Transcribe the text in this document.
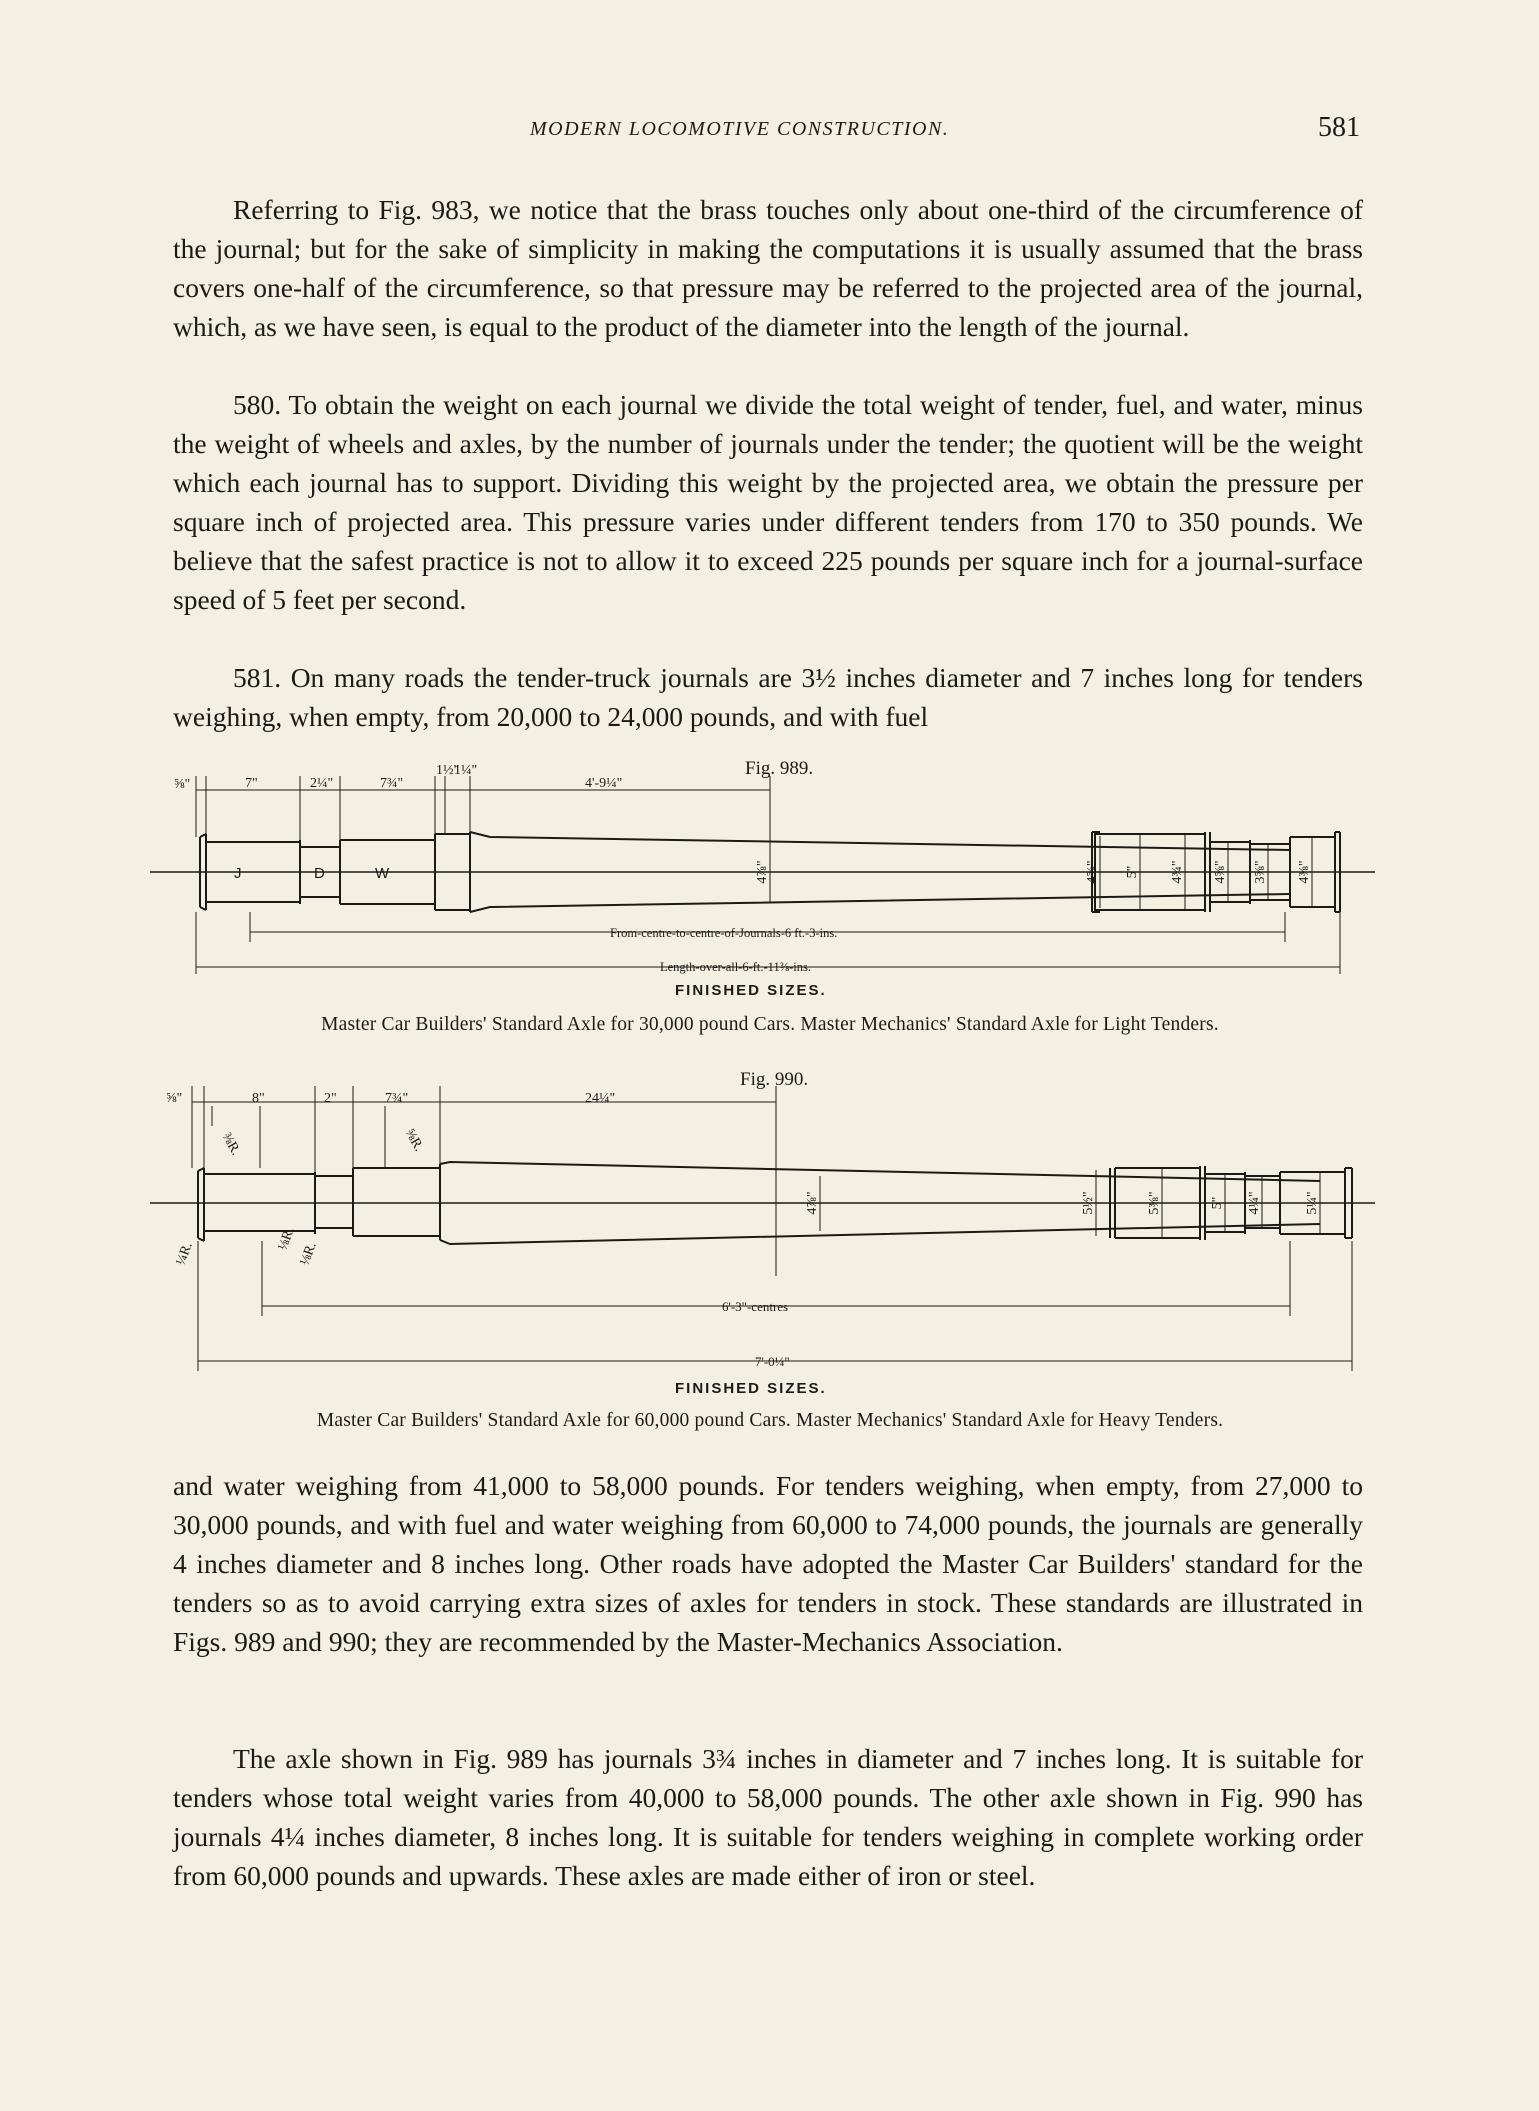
MODERN LOCOMOTIVE CONSTRUCTION.	581

Referring to Fig. 983, we notice that the brass touches only about one-third of the circumference of the journal; but for the sake of simplicity in making the computations it is usually assumed that the brass covers one-half of the circumference, so that pressure may be referred to the projected area of the journal, which, as we have seen, is equal to the product of the diameter into the length of the journal.

580. To obtain the weight on each journal we divide the total weight of tender, fuel, and water, minus the weight of wheels and axles, by the number of journals under the tender; the quotient will be the weight which each journal has to support. Dividing this weight by the projected area, we obtain the pressure per square inch of projected area. This pressure varies under different tenders from 170 to 350 pounds. We believe that the safest practice is not to allow it to exceed 225 pounds per square inch for a journal-surface speed of 5 feet per second.

581. On many roads the tender-truck journals are 3½ inches diameter and 7 inches long for tenders weighing, when empty, from 20,000 to 24,000 pounds, and with fuel

Fig. 989.
⅝"	7"	2¼"	7¾"
1½"
1¼"
4'-9¼"
J	D	W	4⅞"	4⅝" 5" 4¾" 4⅝" 3⅝" 4⅜"
From-centre-to-centre-of-Journals-6 ft.-3-ins.
Length-over-all-6-ft.-11⅜-ins.
FINISHED SIZES.
Master Car Builders' Standard Axle for 30,000 pound Cars. Master Mechanics' Standard Axle for Light Tenders.
Fig. 990.
⅝"	8"	2"	7¾"	24¼"
⅜R.	⅝R.
⅛R.
⅛R.
¼R.
4⅞"	5½"	5⅜"	5" 4¼"	5¼"
6'-3"-centres
7'-0¼"
FINISHED SIZES.
Master Car Builders' Standard Axle for 60,000 pound Cars. Master Mechanics' Standard Axle for Heavy Tenders.

and water weighing from 41,000 to 58,000 pounds. For tenders weighing, when empty, from 27,000 to 30,000 pounds, and with fuel and water weighing from 60,000 to 74,000 pounds, the journals are generally 4 inches diameter and 8 inches long. Other roads have adopted the Master Car Builders' standard for the tenders so as to avoid carrying extra sizes of axles for tenders in stock. These standards are illustrated in Figs. 989 and 990; they are recommended by the Master-Mechanics Association.

The axle shown in Fig. 989 has journals 3¾ inches in diameter and 7 inches long. It is suitable for tenders whose total weight varies from 40,000 to 58,000 pounds. The other axle shown in Fig. 990 has journals 4¼ inches diameter, 8 inches long. It is suitable for tenders weighing in complete working order from 60,000 pounds and upwards. These axles are made either of iron or steel.
